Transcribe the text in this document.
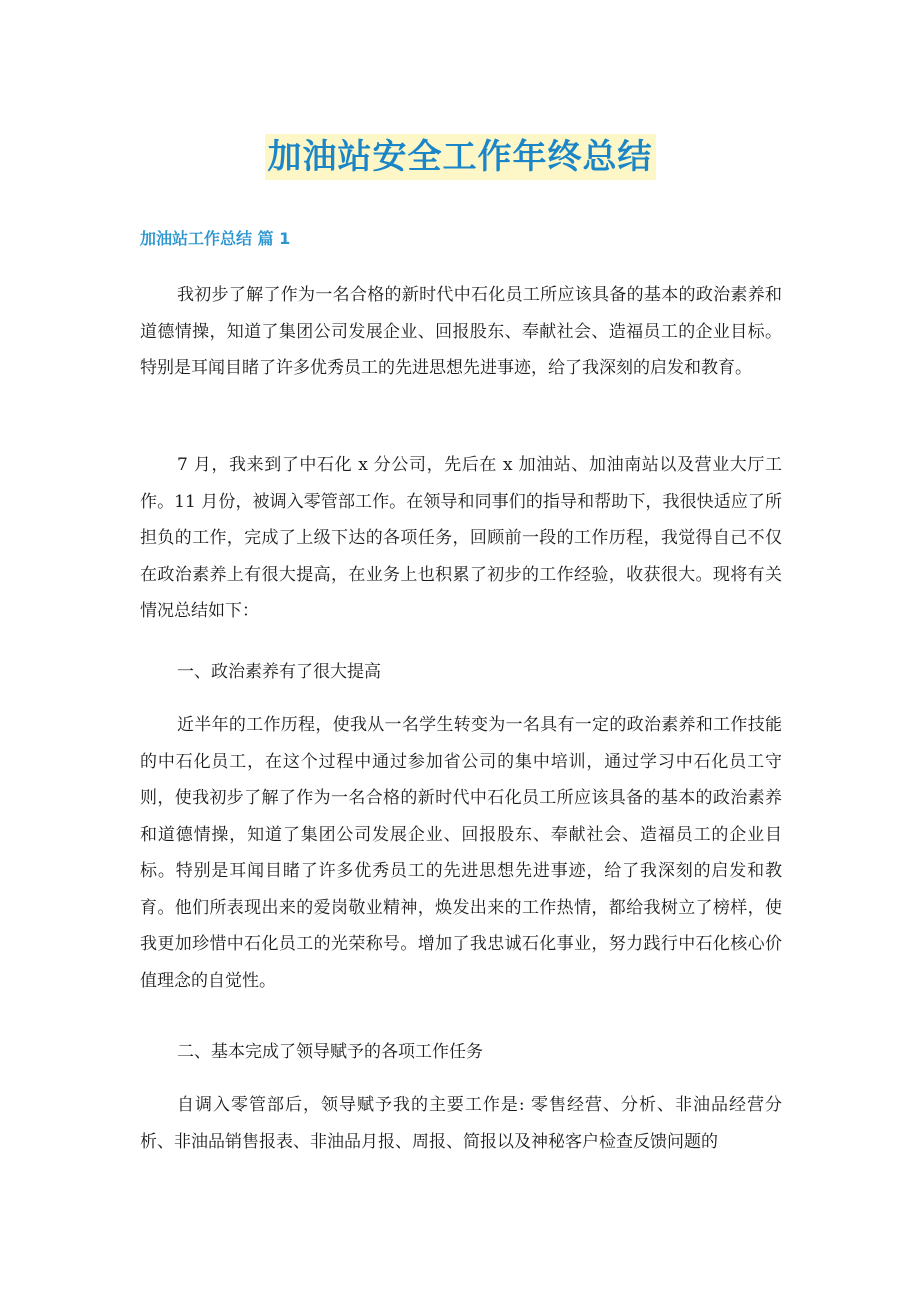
加油站安全工作年终总结
加油站工作总结 篇 1

我初步了解了作为一名合格的新时代中石化员工所应该具备的基本的政治素养和道德情操，知道了集团公司发展企业、回报股东、奉献社会、造福员工的企业目标。特别是耳闻目睹了许多优秀员工的先进思想先进事迹，给了我深刻的启发和教育。

7 月，我来到了中石化 x 分公司，先后在 x 加油站、加油南站以及营业大厅工作。11 月份，被调入零管部工作。在领导和同事们的指导和帮助下，我很快适应了所担负的工作，完成了上级下达的各项任务，回顾前一段的工作历程，我觉得自己不仅在政治素养上有很大提高，在业务上也积累了初步的工作经验，收获很大。现将有关情况总结如下：

一、政治素养有了很大提高

近半年的工作历程，使我从一名学生转变为一名具有一定的政治素养和工作技能的中石化员工，在这个过程中通过参加省公司的集中培训，通过学习中石化员工守则，使我初步了解了作为一名合格的新时代中石化员工所应该具备的基本的政治素养和道德情操，知道了集团公司发展企业、回报股东、奉献社会、造福员工的企业目标。特别是耳闻目睹了许多优秀员工的先进思想先进事迹，给了我深刻的启发和教育。他们所表现出来的爱岗敬业精神，焕发出来的工作热情，都给我树立了榜样，使我更加珍惜中石化员工的光荣称号。增加了我忠诚石化事业，努力践行中石化核心价值理念的自觉性。

二、基本完成了领导赋予的各项工作任务

自调入零管部后，领导赋予我的主要工作是: 零售经营、分析、非油品经营分析、非油品销售报表、非油品月报、周报、简报以及神秘客户检查反馈问题的
